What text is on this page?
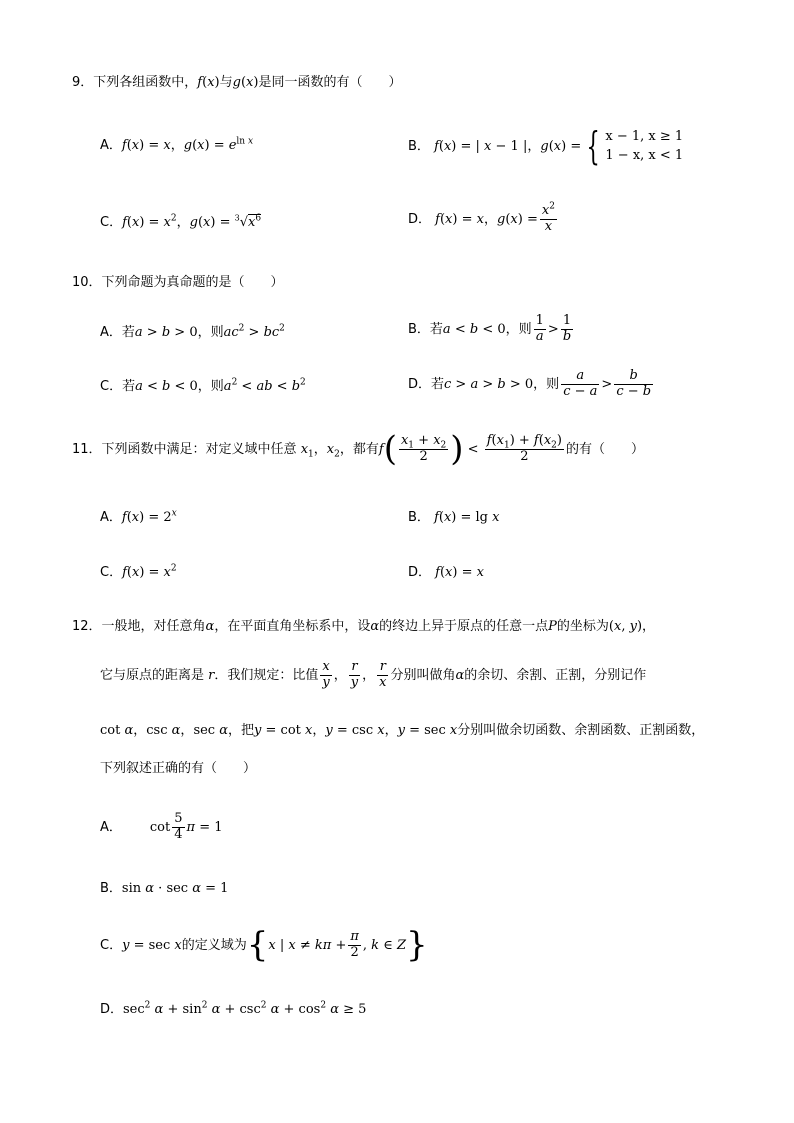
9．下列各组函数中，f(x)与g(x)是同一函数的有（　　）
A．f(x) = x，$g(x) = e^{ln x}$	B． f(x) = | x − 1 | ， g(x) = { x − 1, x ≥ 1
1 − x, x < 1
C．$f(x) = x^2$，$g(x) = ^3√x^6$	D． f(x) = x ， $g(x) = \frac{x^2}{x}$
10．下列命题为真命题的是（　　）
A．若a > b > 0，则$ac^2 > bc^2$	B．若 a < b < 0 ，则 $\frac{1}{a} > \frac{1}{b}$
C．若a < b < 0，则$a^2$ < ab < $b^2$	D．若 c > a > b > 0 ，则 $\frac{a}{c - a} > \frac{b}{c - b}$
11．下列函数中满足：对定义域中任意 $x_1$ ， $x_2$ ，都有 f ( $\frac{x_1 + x_2}{2}$ ) < $\frac{f(x_1) + f(x_2)}{2}$ 的有（　　）
A．$f(x) = 2^x$	B． f(x) = lg x
C．$f(x) = x^2$	D． f(x) = x
12．一般地，对任意角α，在平面直角坐标系中，设α的终边上异于原点的任意一点P的坐标为(x, y)，
它与原点的距离是 r ．我们规定：比值 $\frac{x}{y}$ ， $\frac{r}{y}$ ， $\frac{r}{x}$ 分别叫做角 α 的余切、余割、正割，分别记作
cot α，csc α，sec α，把y = cot x，y = csc x，y = sec x分别叫做余切函数、余割函数、正割函数，
下列叙述正确的有（　　）
A． $\cot \frac{5}{4}$ π = 1
B．sin α · sec α = 1
C． y = sec x 的定义域为 { x | $x \ne k\pi + \frac{\pi}{2}$ , k ∈ Z }
D．$\sec^2 \alpha + \sin^2 \alpha + \csc^2 \alpha + \cos^2 \alpha \ge 5$
